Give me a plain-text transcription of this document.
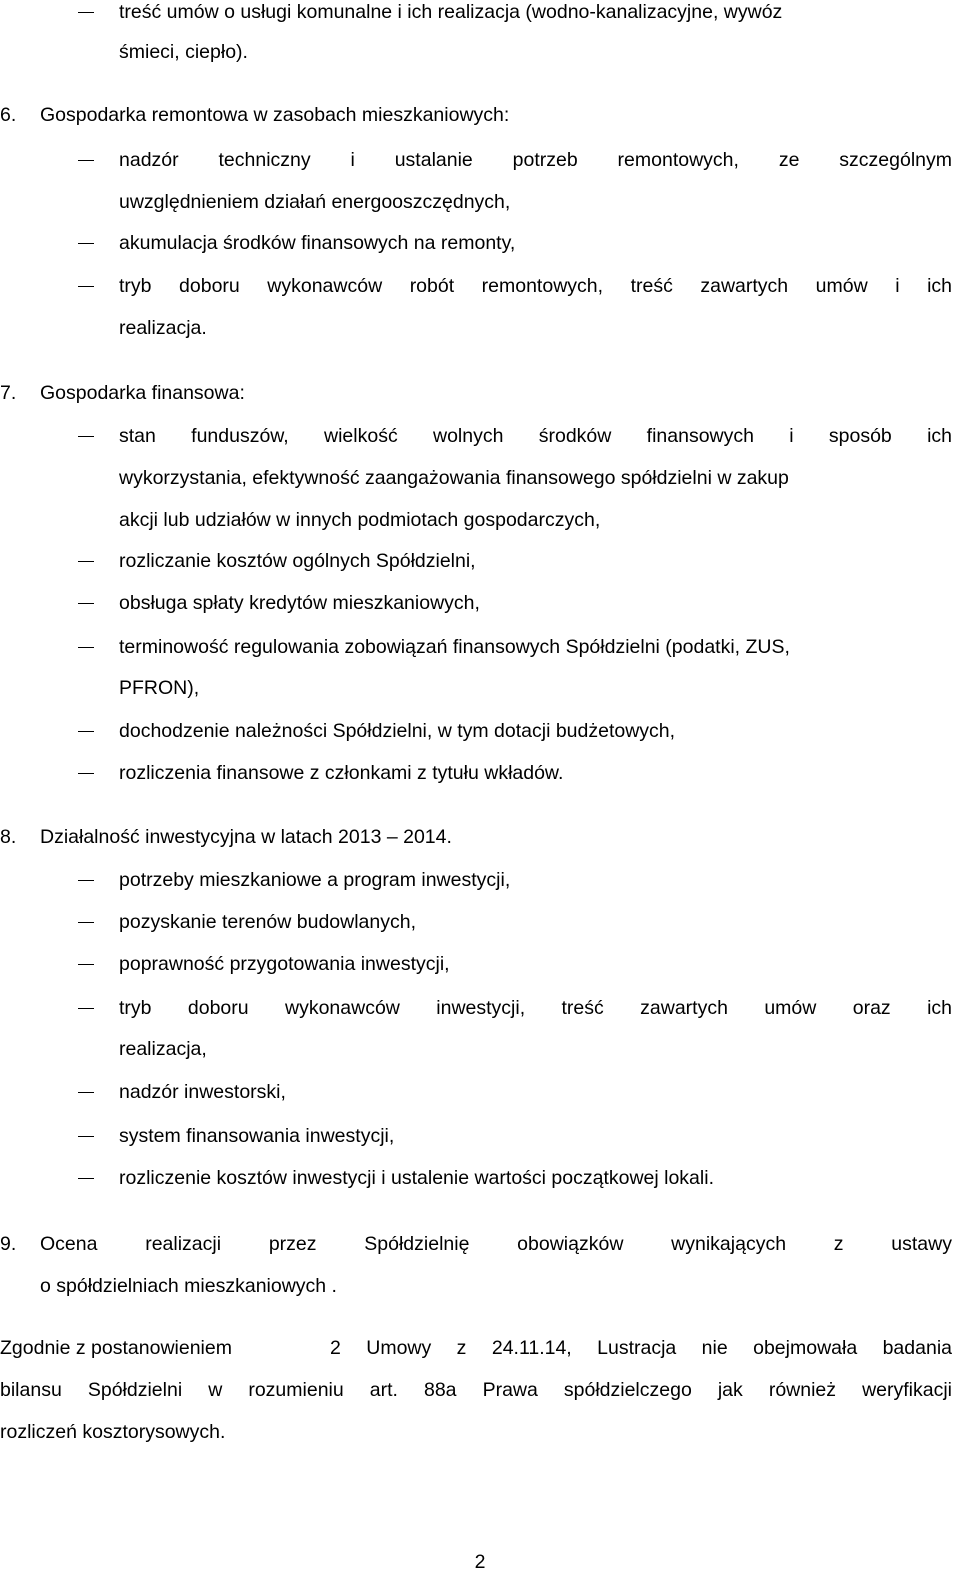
treść umów o usługi komunalne i ich realizacja (wodno-kanalizacyjne, wywóz
śmieci, ciepło).
6. Gospodarka remontowa w zasobach mieszkaniowych:
nadzór techniczny i ustalanie potrzeb remontowych, ze szczególnym
uwzględnieniem działań energooszczędnych,
akumulacja środków finansowych na remonty,
tryb doboru wykonawców robót remontowych, treść zawartych umów i ich
realizacja.
7. Gospodarka finansowa:
stan funduszów, wielkość wolnych środków finansowych i sposób ich
wykorzystania, efektywność zaangażowania finansowego spółdzielni w zakup
akcji lub udziałów w innych podmiotach gospodarczych,
rozliczanie kosztów ogólnych Spółdzielni,
obsługa spłaty kredytów mieszkaniowych,
terminowość regulowania zobowiązań finansowych Spółdzielni (podatki, ZUS,
PFRON),
dochodzenie należności Spółdzielni, w tym dotacji budżetowych,
rozliczenia finansowe z członkami z tytułu wkładów.
8. Działalność inwestycyjna w latach 2013 – 2014.
potrzeby mieszkaniowe a program inwestycji,
pozyskanie terenów budowlanych,
poprawność przygotowania inwestycji,
tryb doboru wykonawców inwestycji, treść zawartych umów oraz ich
realizacja,
nadzór inwestorski,
system finansowania inwestycji,
rozliczenie kosztów inwestycji i ustalenie wartości początkowej lokali.
9. Ocena realizacji przez Spółdzielnię obowiązków wynikających z ustawy
o spółdzielniach mieszkaniowych .
Zgodnie z postanowieniem	2 Umowy z 24.11.14, Lustracja nie obejmowała badania
bilansu Spółdzielni w rozumieniu art. 88a Prawa spółdzielczego jak również weryfikacji
rozliczeń kosztorysowych.
2
